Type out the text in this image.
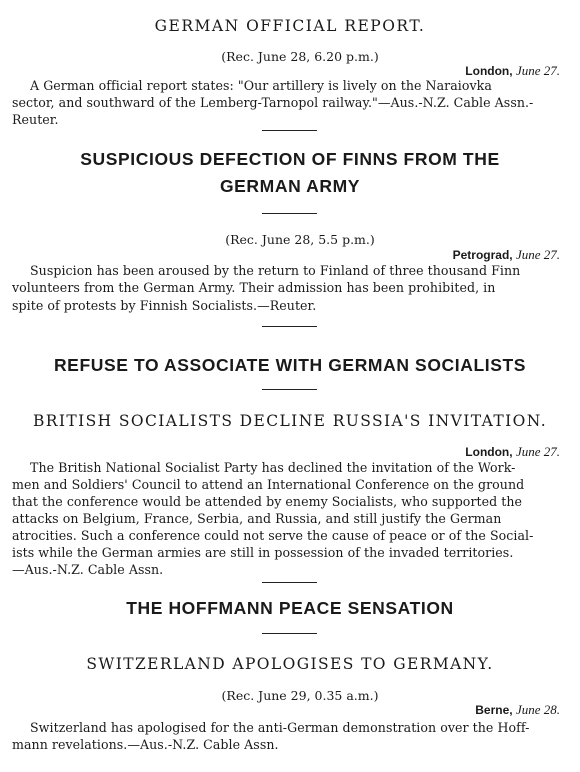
GERMAN OFFICIAL REPORT.
(Rec. June 28, 6.20 p.m.)
London, June 27.
A German official report states: "Our artillery is lively on the Naraiovka
sector, and southward of the Lemberg-Tarnopol railway."—Aus.-N.Z. Cable Assn.-
Reuter.
SUSPICIOUS DEFECTION OF FINNS FROM THE
GERMAN ARMY
(Rec. June 28, 5.5 p.m.)
Petrograd, June 27.
Suspicion has been aroused by the return to Finland of three thousand Finn
volunteers from the German Army. Their admission has been prohibited, in
spite of protests by Finnish Socialists.—Reuter.
REFUSE TO ASSOCIATE WITH GERMAN SOCIALISTS
BRITISH SOCIALISTS DECLINE RUSSIA'S INVITATION.
London, June 27.
The British National Socialist Party has declined the invitation of the Work-
men and Soldiers' Council to attend an International Conference on the ground
that the conference would be attended by enemy Socialists, who supported the
attacks on Belgium, France, Serbia, and Russia, and still justify the German
atrocities. Such a conference could not serve the cause of peace or of the Social-
ists while the German armies are still in possession of the invaded territories.
—Aus.-N.Z. Cable Assn.
THE HOFFMANN PEACE SENSATION
SWITZERLAND APOLOGISES TO GERMANY.
(Rec. June 29, 0.35 a.m.)
Berne, June 28.
Switzerland has apologised for the anti-German demonstration over the Hoff-
mann revelations.—Aus.-N.Z. Cable Assn.
